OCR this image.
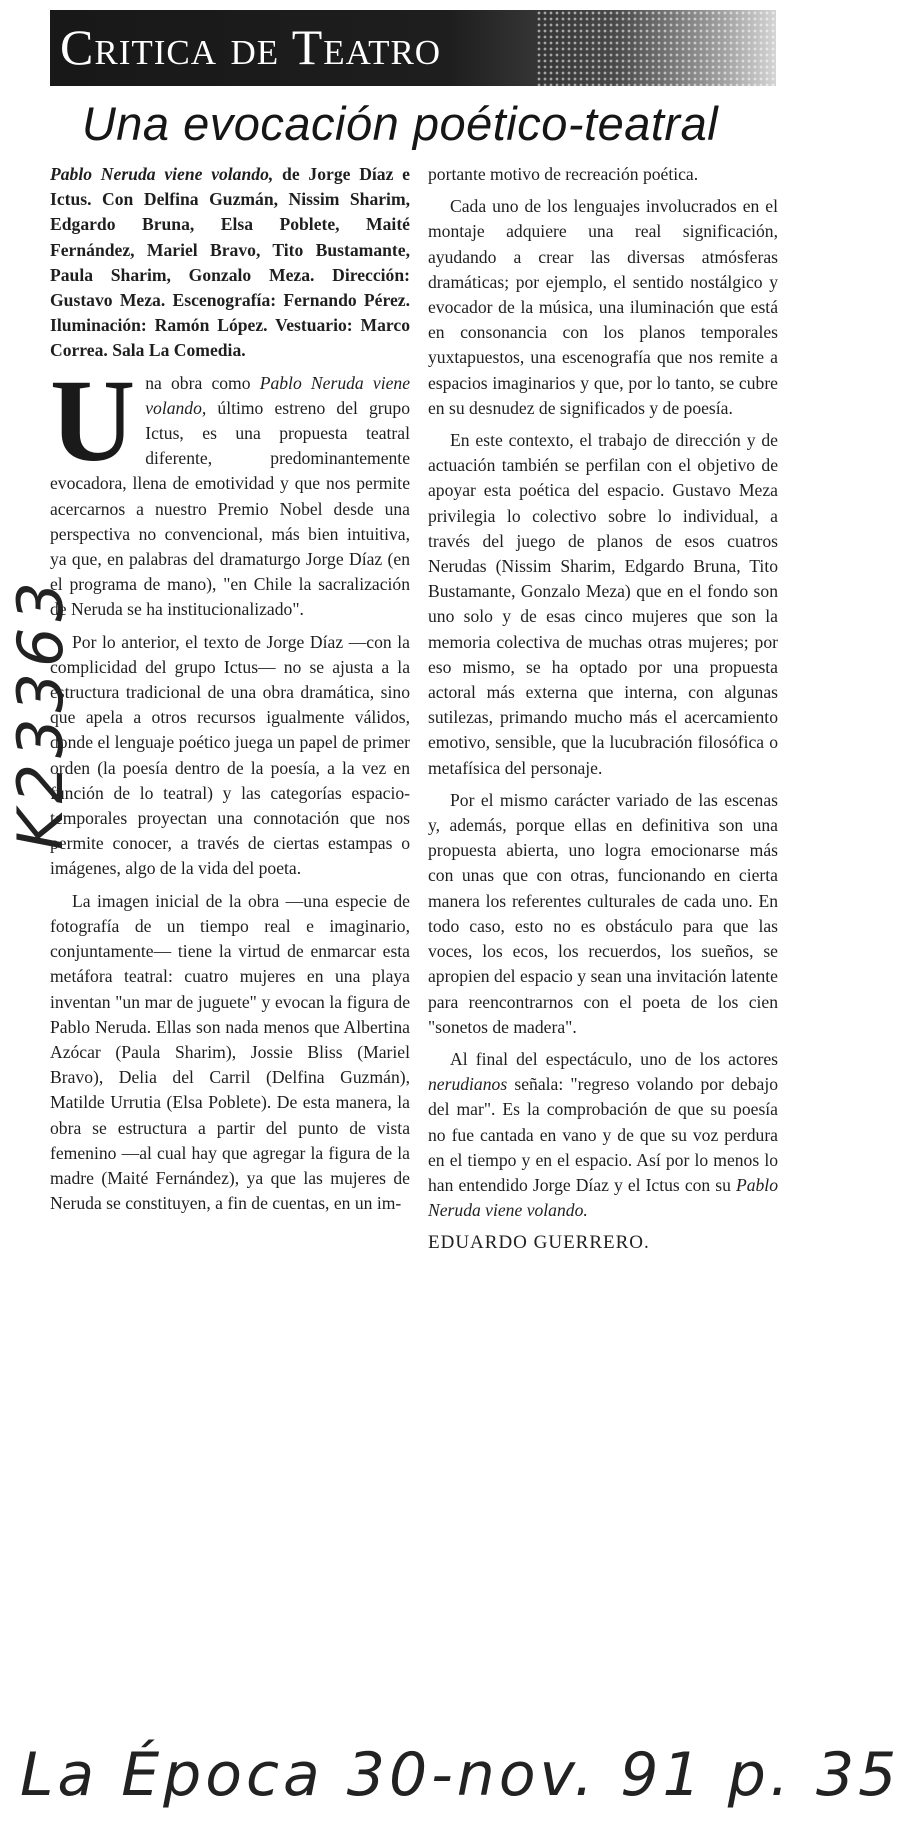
Critica de Teatro
Una evocación poético-teatral

Pablo Neruda viene volando, de Jorge Díaz e Ictus. Con Delfina Guzmán, Nissim Sharim, Edgardo Bruna, Elsa Poblete, Maité Fernández, Mariel Bravo, Tito Bustamante, Paula Sharim, Gonzalo Meza. Dirección: Gustavo Meza. Escenografía: Fernando Pérez. Iluminación: Ramón López. Vestuario: Marco Correa. Sala La Comedia.

Una obra como Pablo Neruda viene volando, último estreno del grupo Ictus, es una propuesta teatral diferente, predominantemente evocadora, llena de emotividad y que nos permite acercarnos a nuestro Premio Nobel desde una perspectiva no convencional, más bien intuitiva, ya que, en palabras del dramaturgo Jorge Díaz (en el programa de mano), "en Chile la sacralización de Neruda se ha institucionalizado".

Por lo anterior, el texto de Jorge Díaz —con la complicidad del grupo Ictus— no se ajusta a la estructura tradicional de una obra dramática, sino que apela a otros recursos igualmente válidos, donde el lenguaje poético juega un papel de primer orden (la poesía dentro de la poesía, a la vez en función de lo teatral) y las categorías espacio-temporales proyectan una connotación que nos permite conocer, a través de ciertas estampas o imágenes, algo de la vida del poeta.

La imagen inicial de la obra —una especie de fotografía de un tiempo real e imaginario, conjuntamente— tiene la virtud de enmarcar esta metáfora teatral: cuatro mujeres en una playa inventan "un mar de juguete" y evocan la figura de Pablo Neruda. Ellas son nada menos que Albertina Azócar (Paula Sharim), Jossie Bliss (Mariel Bravo), Delia del Carril (Delfina Guzmán), Matilde Urrutia (Elsa Poblete). De esta manera, la obra se estructura a partir del punto de vista femenino —al cual hay que agregar la figura de la madre (Maité Fernández), ya que las mujeres de Neruda se constituyen, a fin de cuentas, en un im-

portante motivo de recreación poética.

Cada uno de los lenguajes involucrados en el montaje adquiere una real significación, ayudando a crear las diversas atmósferas dramáticas; por ejemplo, el sentido nostálgico y evocador de la música, una iluminación que está en consonancia con los planos temporales yuxtapuestos, una escenografía que nos remite a espacios imaginarios y que, por lo tanto, se cubre en su desnudez de significados y de poesía.

En este contexto, el trabajo de dirección y de actuación también se perfilan con el objetivo de apoyar esta poética del espacio. Gustavo Meza privilegia lo colectivo sobre lo individual, a través del juego de planos de esos cuatros Nerudas (Nissim Sharim, Edgardo Bruna, Tito Bustamante, Gonzalo Meza) que en el fondo son uno solo y de esas cinco mujeres que son la memoria colectiva de muchas otras mujeres; por eso mismo, se ha optado por una propuesta actoral más externa que interna, con algunas sutilezas, primando mucho más el acercamiento emotivo, sensible, que la lucubración filosófica o metafísica del personaje.

Por el mismo carácter variado de las escenas y, además, porque ellas en definitiva son una propuesta abierta, uno logra emocionarse más con unas que con otras, funcionando en cierta manera los referentes culturales de cada uno. En todo caso, esto no es obstáculo para que las voces, los ecos, los recuerdos, los sueños, se apropien del espacio y sean una invitación latente para reencontrarnos con el poeta de los cien "sonetos de madera".

Al final del espectáculo, uno de los actores nerudianos señala: "regreso volando por debajo del mar". Es la comprobación de que su poesía no fue cantada en vano y de que su voz perdura en el tiempo y en el espacio. Así por lo menos lo han entendido Jorge Díaz y el Ictus con su Pablo Neruda viene volando.

EDUARDO GUERRERO.

K23363
La Época 30-nov. 91 p. 35
